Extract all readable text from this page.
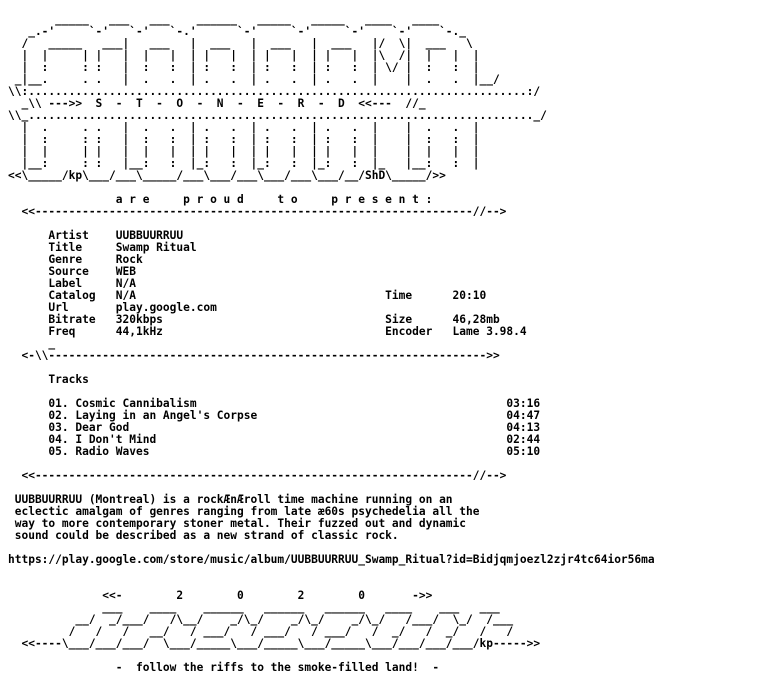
_____   ___   ___    ______   _____   _____   ____   ____
_.-'     `-'   `-'   `-.'      `-'     `-'     `-'    `-'    `-._
/   _____   ___|   ___   |  ___   |  ___   |  ___   |/  \|  ___   \
|  |     | |   |  |   |  | |   |  | |   |  | |   |  |\  /|  |   |  |
|  :     : :   |  :   :  | :   :  | :   :  | :   :  | \/ |  :   :  |
_|__.     . .   |  .   .  | .   .  | .   .  | .   .  |    |  .   .  |__/
\\:..........................................................................:/
_\\ --->>  S  -  T  -  O  -  N  -  E  -  R  -  D  <<---  //_
\\_..........................................................................._/
|  .     . .   |  .   .  | .   .  | .   .  | .   .  |    |  .   .  |
|  :     : :   |  :   :  | :   :  | :   :  | :   :  |    |  :   :  |
|  |     | |   |  |   |  | |   |  | |   |  | |   |  |    |  |   |  |
|__:     : :   |__:   :  |_:   :  |_:   :  |_:   :  |_   |__:   :  |
<<\_____/kp\___/___\_____/___\___/___\___/___\___/__/ShD\_____/>>
a r e     p r o u d     t o     p r e s e n t :
<<-----------------------------------------------------------------//-->
Artist    UUBBUURRUU
Title     Swamp Ritual
Genre     Rock
Source    WEB
Label     N/A
Catalog   N/A                                     Time      20:10
Url       play.google.com
Bitrate   320kbps                                 Size      46,28mb
Freq      44,1kHz                                 Encoder   Lame 3.98.4
_
<-\\----------------------------------------------------------------->>
Tracks
01. Cosmic Cannibalism                                              03:16
02. Laying in an Angel's Corpse                                     04:47
03. Dear God                                                        04:13
04. I Don't Mind                                                    02:44
05. Radio Waves                                                     05:10
<<-----------------------------------------------------------------//-->
UUBBUURRUU (Montreal) is a rockÆnÆroll time machine running on an
eclectic amalgam of genres ranging from late æ60s psychedelia all the
way to more contemporary stoner metal. Their fuzzed out and dynamic
sound could be described as a new strand of classic rock.
https://play.google.com/store/music/album/UUBBUURRUU_Swamp_Ritual?id=Bidjqmjoezl2zjr4tc64ior56ma
<<-        2        0        2        0       ->>
___    ____    ______   ______   ______   ____    ___   ___
__/  _/___/   /\__/    _/\_/    _/\_/    _/\_/   /___/  \_/  /___
/   /   /   __/   / ___/   / ___/   / ___/   /  _/   /  _/   /   /
<<----\___/___/___/  \___/_____\___/_____\___/_____\___/___/___/___/kp----->>
-  follow the riffs to the smoke-filled land!  -
